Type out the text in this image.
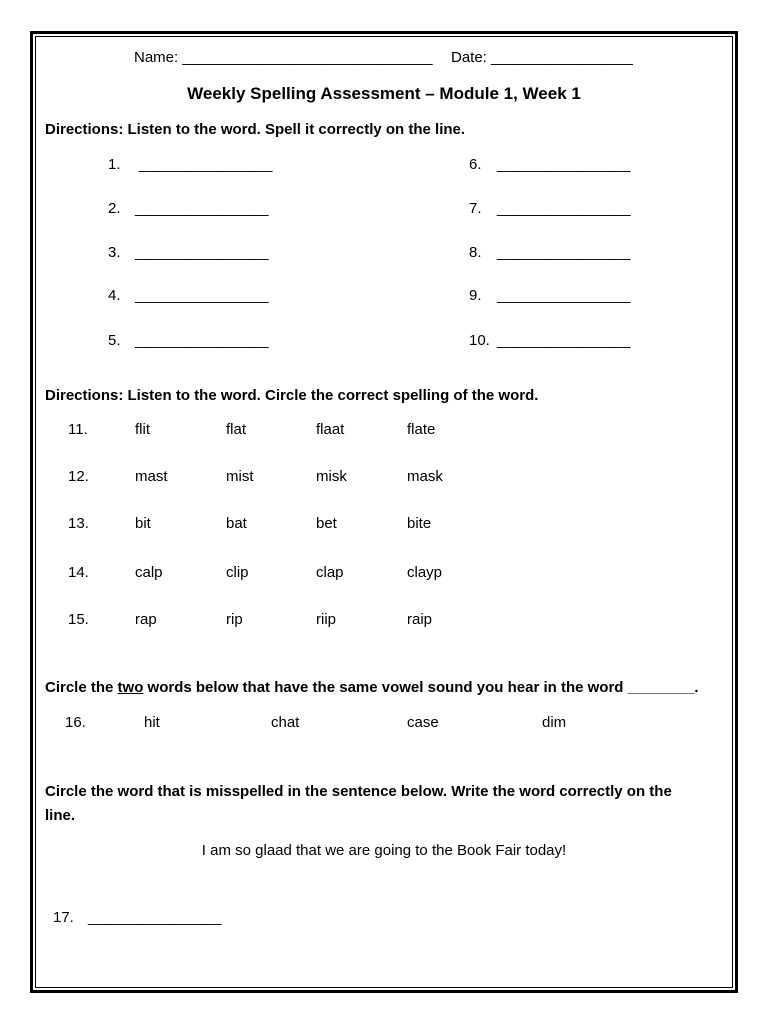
Name: ______________________________ Date: _________________
Weekly Spelling Assessment – Module 1, Week 1
Directions: Listen to the word. Spell it correctly on the line.
1. ________________
2. ________________
3. ________________
4. ________________
5. ________________
6. ________________
7. ________________
8. ________________
9. ________________
10. ________________
Directions: Listen to the word. Circle the correct spelling of the word.
11.	flit	flat	flaat	flate
12.	mast	mist	misk	mask
13.	bit	bat	bet	bite
14.	calp	clip	clap	clayp
15.	rap	rip	riip	raip
Circle the two words below that have the same vowel sound you hear in the word ________.
16.	hit	chat	case	dim
Circle the word that is misspelled in the sentence below. Write the word correctly on the
line.
I am so glaad that we are going to the Book Fair today!
17. ________________
